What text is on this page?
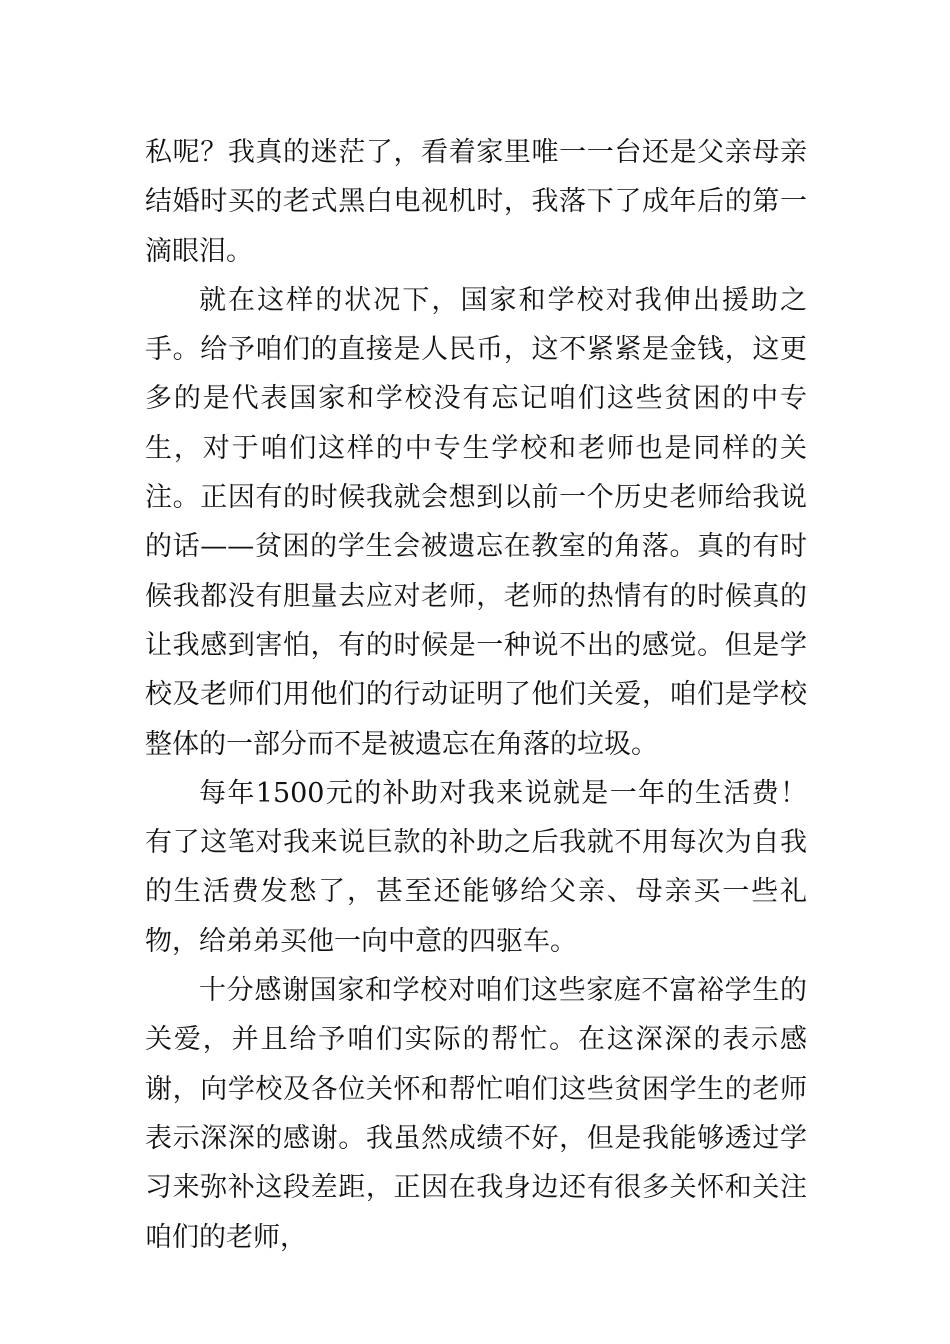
私呢？我真的迷茫了，看着家里唯一一台还是父亲母亲结婚时买的老式黑白电视机时，我落下了成年后的第一滴眼泪。

就在这样的状况下，国家和学校对我伸出援助之手。给予咱们的直接是人民币，这不紧紧是金钱，这更多的是代表国家和学校没有忘记咱们这些贫困的中专生，对于咱们这样的中专生学校和老师也是同样的关注。正因有的时候我就会想到以前一个历史老师给我说的话——贫困的学生会被遗忘在教室的角落。真的有时候我都没有胆量去应对老师，老师的热情有的时候真的让我感到害怕，有的时候是一种说不出的感觉。但是学校及老师们用他们的行动证明了他们关爱，咱们是学校整体的一部分而不是被遗忘在角落的垃圾。

每年1500元的补助对我来说就是一年的生活费！有了这笔对我来说巨款的补助之后我就不用每次为自我的生活费发愁了，甚至还能够给父亲、母亲买一些礼物，给弟弟买他一向中意的四驱车。

十分感谢国家和学校对咱们这些家庭不富裕学生的关爱，并且给予咱们实际的帮忙。在这深深的表示感谢，向学校及各位关怀和帮忙咱们这些贫困学生的老师表示深深的感谢。我虽然成绩不好，但是我能够透过学习来弥补这段差距，正因在我身边还有很多关怀和关注咱们的老师，
